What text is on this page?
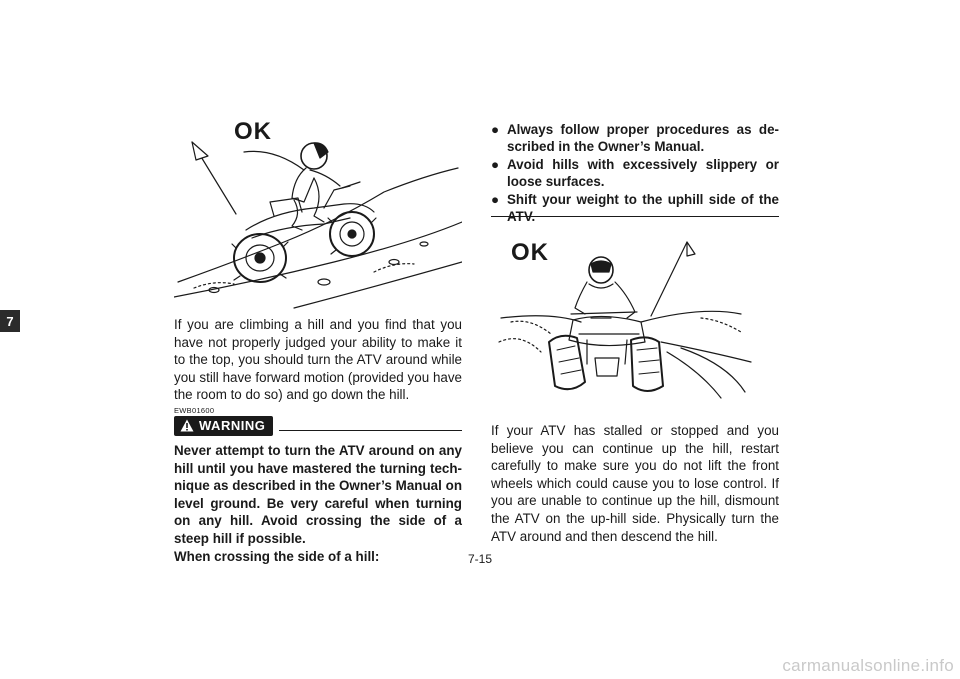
7
OK

If you are climbing a hill and you find that you have not properly judged your ability to make it to the top, you should turn the ATV around while you still have forward motion (provided you have the room to do so) and go down the hill.

EWB01600

WARNING

Never attempt to turn the ATV around on any hill until you have mastered the turning tech-nique as described in the Owner’s Manual on level ground. Be very careful when turning on any hill. Avoid crossing the side of a steep hill if possible.

When crossing the side of a hill:

● Always follow proper procedures as de-scribed in the Owner’s Manual.
● Avoid hills with excessively slippery or loose surfaces.
● Shift your weight to the uphill side of the ATV.
OK

If your ATV has stalled or stopped and you believe you can continue up the hill, restart carefully to make sure you do not lift the front wheels which could cause you to lose control. If you are unable to continue up the hill, dismount the ATV on the up-hill side. Physically turn the ATV around and then descend the hill.

7-15
carmanualsonline.info
